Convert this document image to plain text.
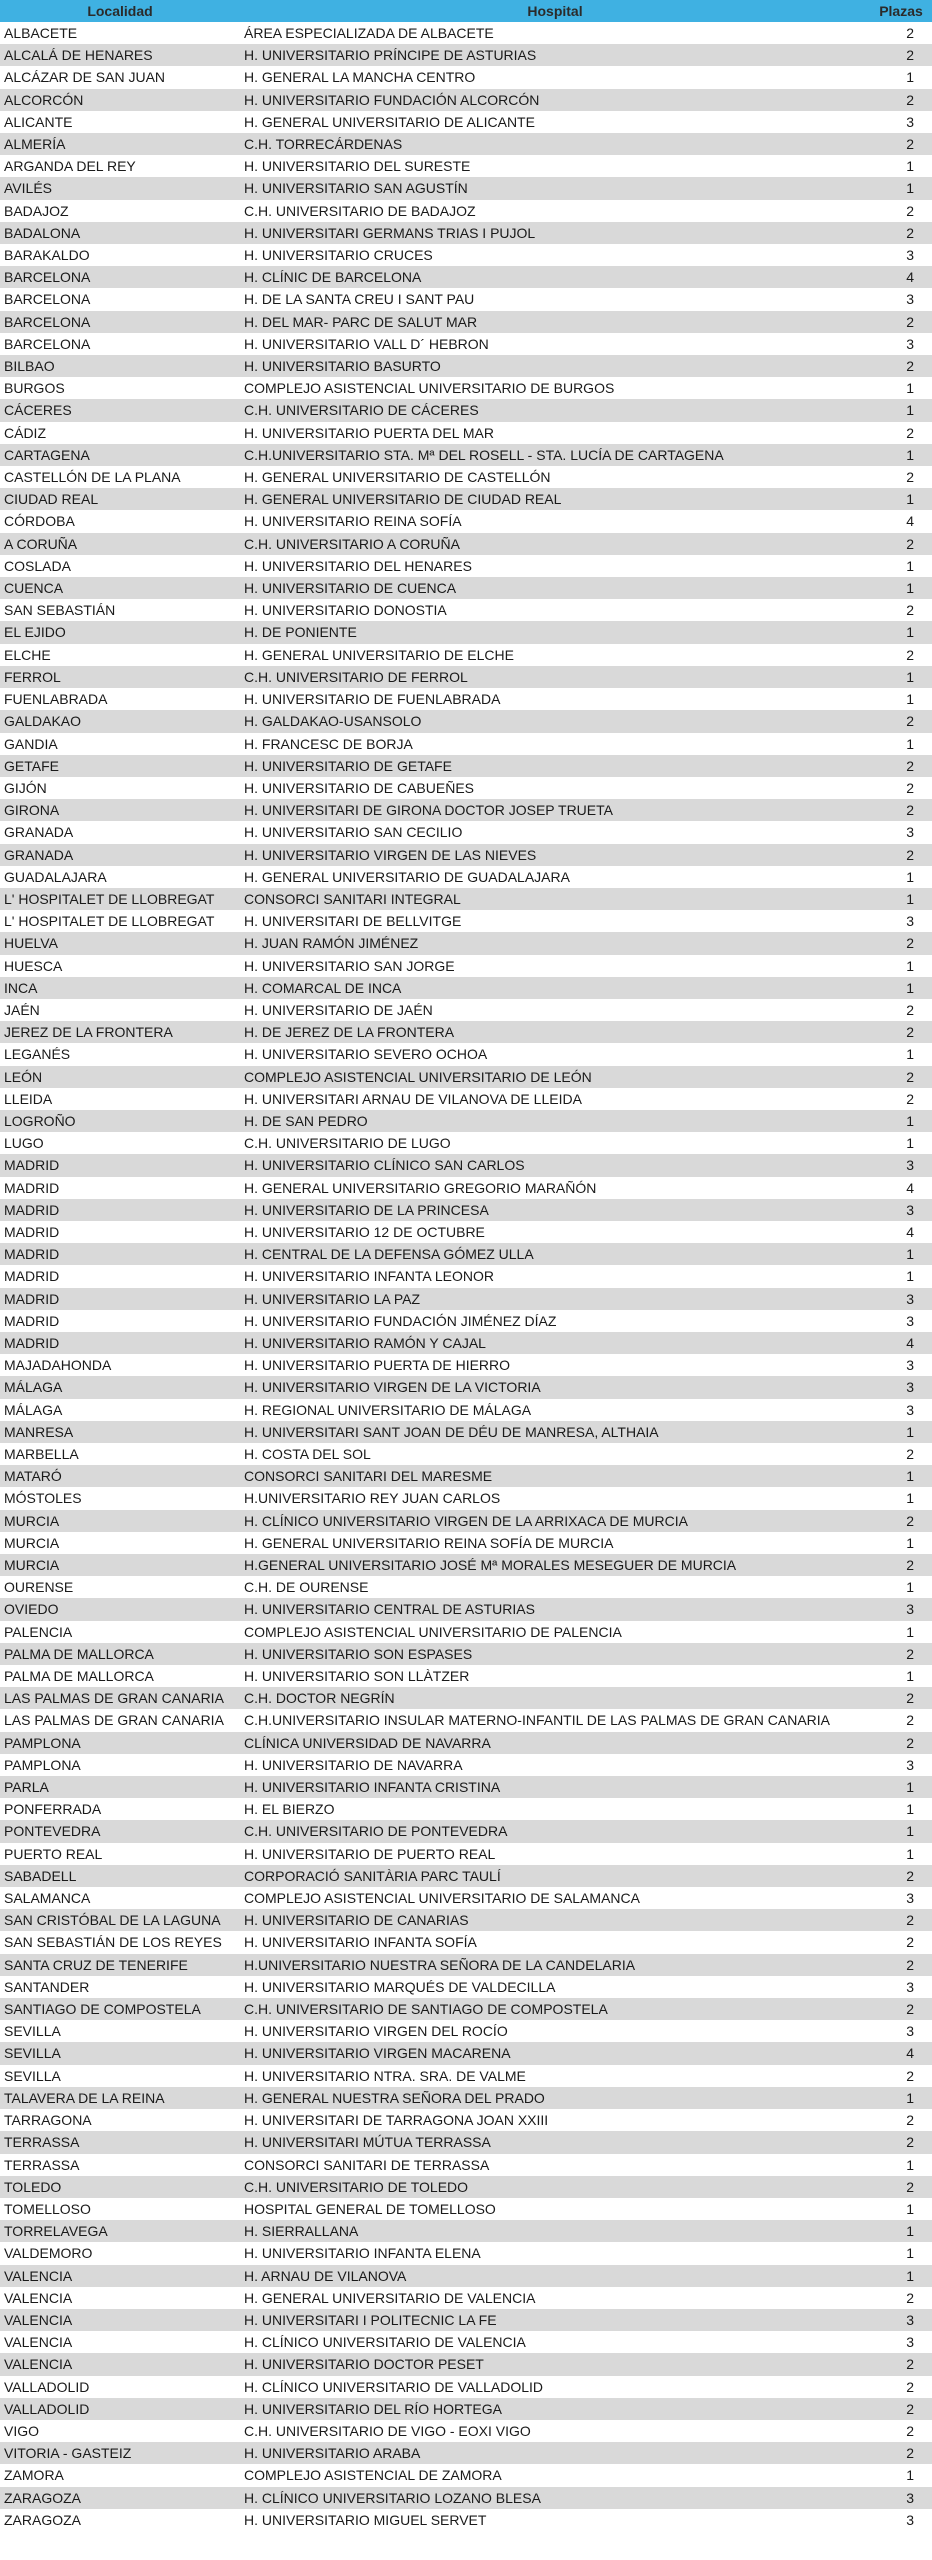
Localidad	Hospital	Plazas
ALBACETE	ÁREA ESPECIALIZADA DE ALBACETE	2
ALCALÁ DE HENARES	H. UNIVERSITARIO PRÍNCIPE DE ASTURIAS	2
ALCÁZAR DE SAN JUAN	H. GENERAL LA MANCHA CENTRO	1
ALCORCÓN	H. UNIVERSITARIO FUNDACIÓN ALCORCÓN	2
ALICANTE	H. GENERAL UNIVERSITARIO DE ALICANTE	3
ALMERÍA	C.H. TORRECÁRDENAS	2
ARGANDA DEL REY	H. UNIVERSITARIO DEL SURESTE	1
AVILÉS	H. UNIVERSITARIO SAN AGUSTÍN	1
BADAJOZ	C.H. UNIVERSITARIO DE BADAJOZ	2
BADALONA	H. UNIVERSITARI GERMANS TRIAS I PUJOL	2
BARAKALDO	H. UNIVERSITARIO CRUCES	3
BARCELONA	H. CLÍNIC DE BARCELONA	4
BARCELONA	H. DE LA SANTA CREU I SANT PAU	3
BARCELONA	H. DEL MAR- PARC DE SALUT MAR	2
BARCELONA	H. UNIVERSITARIO VALL D´ HEBRON	3
BILBAO	H. UNIVERSITARIO BASURTO	2
BURGOS	COMPLEJO ASISTENCIAL UNIVERSITARIO DE BURGOS	1
CÁCERES	C.H. UNIVERSITARIO DE CÁCERES	1
CÁDIZ	H. UNIVERSITARIO PUERTA DEL MAR	2
CARTAGENA	C.H.UNIVERSITARIO STA. Mª DEL ROSELL - STA. LUCÍA DE CARTAGENA	1
CASTELLÓN DE LA PLANA	H. GENERAL UNIVERSITARIO DE CASTELLÓN	2
CIUDAD REAL	H. GENERAL UNIVERSITARIO DE CIUDAD REAL	1
CÓRDOBA	H. UNIVERSITARIO REINA SOFÍA	4
A CORUÑA	C.H. UNIVERSITARIO A CORUÑA	2
COSLADA	H. UNIVERSITARIO DEL HENARES	1
CUENCA	H. UNIVERSITARIO DE CUENCA	1
SAN SEBASTIÁN	H. UNIVERSITARIO DONOSTIA	2
EL EJIDO	H. DE PONIENTE	1
ELCHE	H. GENERAL UNIVERSITARIO DE ELCHE	2
FERROL	C.H. UNIVERSITARIO DE FERROL	1
FUENLABRADA	H. UNIVERSITARIO DE FUENLABRADA	1
GALDAKAO	H. GALDAKAO-USANSOLO	2
GANDIA	H. FRANCESC DE BORJA	1
GETAFE	H. UNIVERSITARIO DE GETAFE	2
GIJÓN	H. UNIVERSITARIO DE CABUEÑES	2
GIRONA	H. UNIVERSITARI DE GIRONA DOCTOR JOSEP TRUETA	2
GRANADA	H. UNIVERSITARIO SAN CECILIO	3
GRANADA	H. UNIVERSITARIO VIRGEN DE LAS NIEVES	2
GUADALAJARA	H. GENERAL UNIVERSITARIO DE GUADALAJARA	1
L' HOSPITALET DE LLOBREGAT	CONSORCI SANITARI INTEGRAL	1
L' HOSPITALET DE LLOBREGAT	H. UNIVERSITARI DE BELLVITGE	3
HUELVA	H. JUAN RAMÓN JIMÉNEZ	2
HUESCA	H. UNIVERSITARIO SAN JORGE	1
INCA	H. COMARCAL DE INCA	1
JAÉN	H. UNIVERSITARIO DE JAÉN	2
JEREZ DE LA FRONTERA	H. DE JEREZ DE LA FRONTERA	2
LEGANÉS	H. UNIVERSITARIO SEVERO OCHOA	1
LEÓN	COMPLEJO ASISTENCIAL UNIVERSITARIO DE LEÓN	2
LLEIDA	H. UNIVERSITARI ARNAU DE VILANOVA DE LLEIDA	2
LOGROÑO	H. DE SAN PEDRO	1
LUGO	C.H. UNIVERSITARIO DE LUGO	1
MADRID	H. UNIVERSITARIO CLÍNICO SAN CARLOS	3
MADRID	H. GENERAL UNIVERSITARIO GREGORIO MARAÑÓN	4
MADRID	H. UNIVERSITARIO DE LA PRINCESA	3
MADRID	H. UNIVERSITARIO 12 DE OCTUBRE	4
MADRID	H. CENTRAL DE LA DEFENSA GÓMEZ ULLA	1
MADRID	H. UNIVERSITARIO INFANTA LEONOR	1
MADRID	H. UNIVERSITARIO LA PAZ	3
MADRID	H. UNIVERSITARIO FUNDACIÓN JIMÉNEZ DÍAZ	3
MADRID	H. UNIVERSITARIO RAMÓN Y CAJAL	4
MAJADAHONDA	H. UNIVERSITARIO PUERTA DE HIERRO	3
MÁLAGA	H. UNIVERSITARIO VIRGEN DE LA VICTORIA	3
MÁLAGA	H. REGIONAL UNIVERSITARIO DE MÁLAGA	3
MANRESA	H. UNIVERSITARI SANT JOAN DE DÉU DE MANRESA, ALTHAIA	1
MARBELLA	H. COSTA DEL SOL	2
MATARÓ	CONSORCI SANITARI DEL MARESME	1
MÓSTOLES	H.UNIVERSITARIO REY JUAN CARLOS	1
MURCIA	H. CLÍNICO UNIVERSITARIO VIRGEN DE LA ARRIXACA DE MURCIA	2
MURCIA	H. GENERAL UNIVERSITARIO REINA SOFÍA DE MURCIA	1
MURCIA	H.GENERAL UNIVERSITARIO JOSÉ Mª MORALES MESEGUER DE MURCIA	2
OURENSE	C.H. DE OURENSE	1
OVIEDO	H. UNIVERSITARIO CENTRAL DE ASTURIAS	3
PALENCIA	COMPLEJO ASISTENCIAL UNIVERSITARIO DE PALENCIA	1
PALMA DE MALLORCA	H. UNIVERSITARIO SON ESPASES	2
PALMA DE MALLORCA	H. UNIVERSITARIO SON LLÀTZER	1
LAS PALMAS DE GRAN CANARIA	C.H. DOCTOR NEGRÍN	2
LAS PALMAS DE GRAN CANARIA	C.H.UNIVERSITARIO INSULAR MATERNO-INFANTIL DE LAS PALMAS DE GRAN CANARIA	2
PAMPLONA	CLÍNICA UNIVERSIDAD DE NAVARRA	2
PAMPLONA	H. UNIVERSITARIO DE NAVARRA	3
PARLA	H. UNIVERSITARIO INFANTA CRISTINA	1
PONFERRADA	H. EL BIERZO	1
PONTEVEDRA	C.H. UNIVERSITARIO DE PONTEVEDRA	1
PUERTO REAL	H. UNIVERSITARIO DE PUERTO REAL	1
SABADELL	CORPORACIÓ SANITÀRIA PARC TAULÍ	2
SALAMANCA	COMPLEJO ASISTENCIAL UNIVERSITARIO DE SALAMANCA	3
SAN CRISTÓBAL DE LA LAGUNA	H. UNIVERSITARIO DE CANARIAS	2
SAN SEBASTIÁN DE LOS REYES	H. UNIVERSITARIO INFANTA SOFÍA	2
SANTA CRUZ DE TENERIFE	H.UNIVERSITARIO NUESTRA SEÑORA DE LA CANDELARIA	2
SANTANDER	H. UNIVERSITARIO MARQUÉS DE VALDECILLA	3
SANTIAGO DE COMPOSTELA	C.H. UNIVERSITARIO DE SANTIAGO DE COMPOSTELA	2
SEVILLA	H. UNIVERSITARIO VIRGEN DEL ROCÍO	3
SEVILLA	H. UNIVERSITARIO VIRGEN MACARENA	4
SEVILLA	H. UNIVERSITARIO NTRA. SRA. DE VALME	2
TALAVERA DE LA REINA	H. GENERAL NUESTRA SEÑORA DEL PRADO	1
TARRAGONA	H. UNIVERSITARI DE TARRAGONA JOAN XXIII	2
TERRASSA	H. UNIVERSITARI MÚTUA TERRASSA	2
TERRASSA	CONSORCI SANITARI DE TERRASSA	1
TOLEDO	C.H. UNIVERSITARIO DE TOLEDO	2
TOMELLOSO	HOSPITAL GENERAL DE TOMELLOSO	1
TORRELAVEGA	H. SIERRALLANA	1
VALDEMORO	H. UNIVERSITARIO INFANTA ELENA	1
VALENCIA	H. ARNAU DE VILANOVA	1
VALENCIA	H. GENERAL UNIVERSITARIO DE VALENCIA	2
VALENCIA	H. UNIVERSITARI I POLITECNIC LA FE	3
VALENCIA	H. CLÍNICO UNIVERSITARIO DE VALENCIA	3
VALENCIA	H. UNIVERSITARIO DOCTOR PESET	2
VALLADOLID	H. CLÍNICO UNIVERSITARIO DE VALLADOLID	2
VALLADOLID	H. UNIVERSITARIO DEL RÍO HORTEGA	2
VIGO	C.H. UNIVERSITARIO DE VIGO - EOXI VIGO	2
VITORIA - GASTEIZ	H. UNIVERSITARIO ARABA	2
ZAMORA	COMPLEJO ASISTENCIAL DE ZAMORA	1
ZARAGOZA	H. CLÍNICO UNIVERSITARIO LOZANO BLESA	3
ZARAGOZA	H. UNIVERSITARIO MIGUEL SERVET	3
